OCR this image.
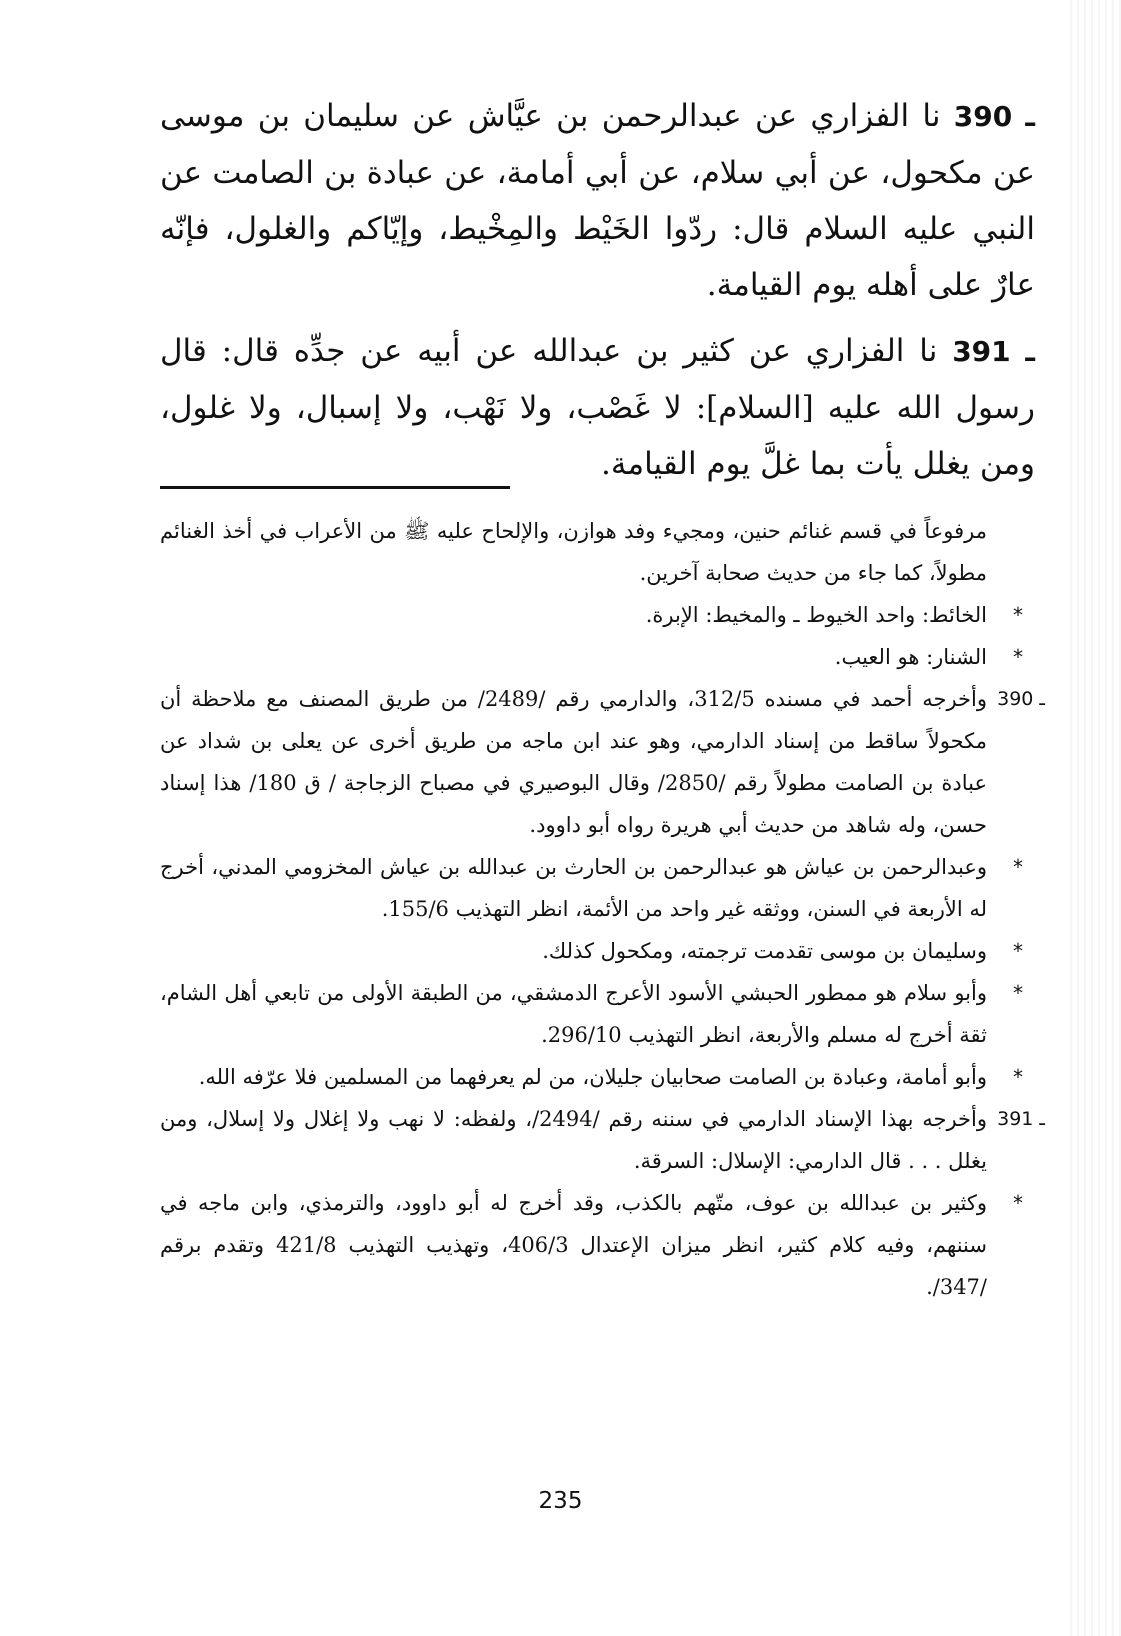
390 ـ نا الفزاري عن عبدالرحمن بن عيَّاش عن سليمان بن موسى عن مكحول، عن أبي سلام، عن أبي أمامة، عن عبادة بن الصامت عن النبي عليه السلام قال: ردّوا الخَيْط والمِخْيط، وإيّاكم والغلول، فإنّه عارٌ على أهله يوم القيامة.

391 ـ نا الفزاري عن كثير بن عبدالله عن أبيه عن جدِّه قال: قال رسول الله عليه [السلام]: لا غَصْب، ولا نَهْب، ولا إسبال، ولا غلول، ومن يغلل يأت بما غلَّ يوم القيامة.

مرفوعاً في قسم غنائم حنين، ومجيء وفد هوازن، والإلحاح عليه ﷺ من الأعراب في أخذ الغنائم مطولاً، كما جاء من حديث صحابة آخرين.
*
الخائط: واحد الخيوط ـ والمخيط: الإبرة.
*
الشنار: هو العيب.
390 ـ
وأخرجه أحمد في مسنده 312/5، والدارمي رقم /2489/ من طريق المصنف مع ملاحظة أن مكحولاً ساقط من إسناد الدارمي، وهو عند ابن ماجه من طريق أخرى عن يعلى بن شداد عن عبادة بن الصامت مطولاً رقم /2850/ وقال البوصيري في مصباح الزجاجة / ق 180/ هذا إسناد حسن، وله شاهد من حديث أبي هريرة رواه أبو داوود.
*
وعبدالرحمن بن عياش هو عبدالرحمن بن الحارث بن عبدالله بن عياش المخزومي المدني، أخرج له الأربعة في السنن، ووثقه غير واحد من الأئمة، انظر التهذيب 155/6.
*
وسليمان بن موسى تقدمت ترجمته، ومكحول كذلك.
*
وأبو سلام هو ممطور الحبشي الأسود الأعرج الدمشقي، من الطبقة الأولى من تابعي أهل الشام، ثقة أخرج له مسلم والأربعة، انظر التهذيب 296/10.
*
وأبو أمامة، وعبادة بن الصامت صحابيان جليلان، من لم يعرفهما من المسلمين فلا عرّفه الله.
391 ـ
وأخرجه بهذا الإسناد الدارمي في سننه رقم /2494/، ولفظه: لا نهب ولا إغلال ولا إسلال، ومن يغلل . . . قال الدارمي: الإسلال: السرقة.
*
وكثير بن عبدالله بن عوف، متّهم بالكذب، وقد أخرج له أبو داوود، والترمذي، وابن ماجه في سننهم، وفيه كلام كثير، انظر ميزان الإعتدال 406/3، وتهذيب التهذيب 421/8 وتقدم برقم /347/.
235
